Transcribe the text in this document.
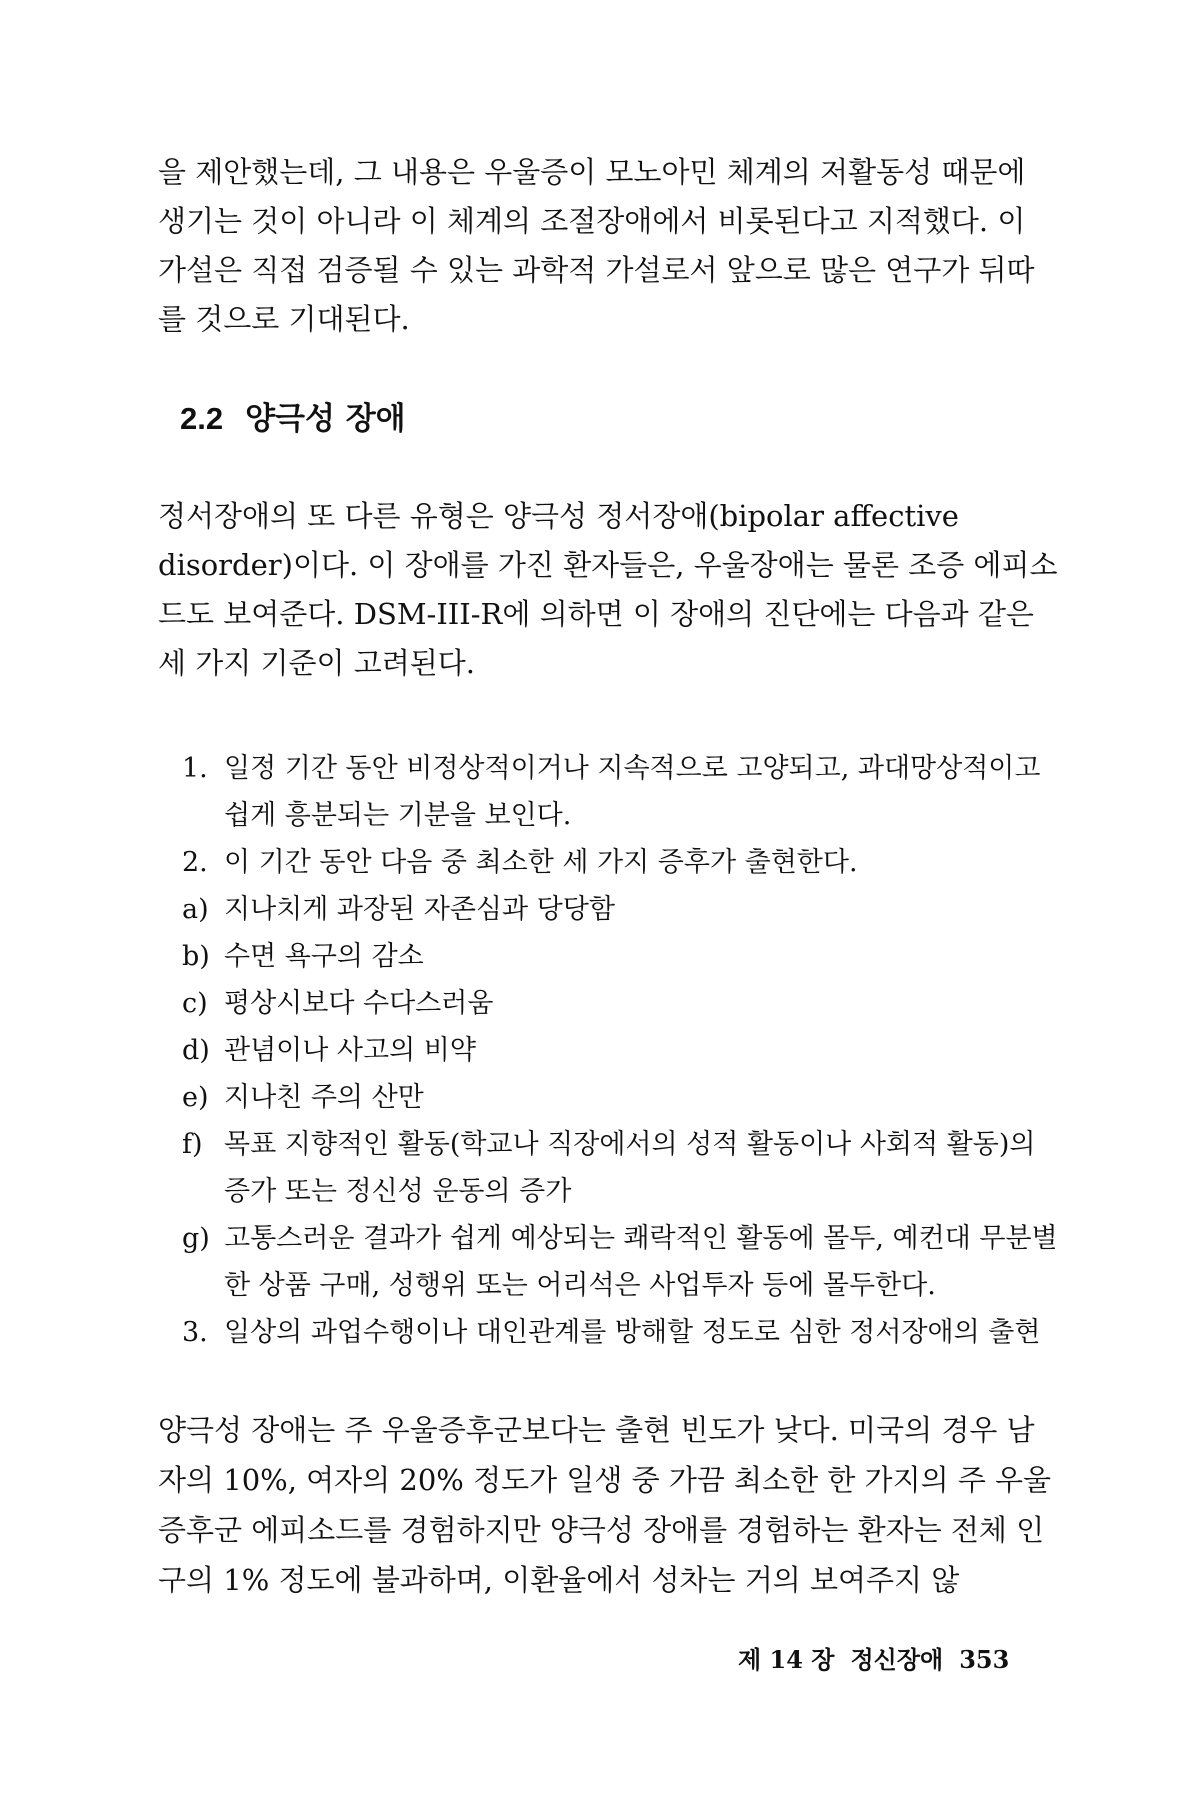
을 제안했는데, 그 내용은 우울증이 모노아민 체계의 저활동성 때문에 생기는 것이 아니라 이 체계의 조절장애에서 비롯된다고 지적했다. 이 가설은 직접 검증될 수 있는 과학적 가설로서 앞으로 많은 연구가 뒤따를 것으로 기대된다.

2.2 양극성 장애

정서장애의 또 다른 유형은 양극성 정서장애(bipolar affective disorder)이다. 이 장애를 가진 환자들은, 우울장애는 물론 조증 에피소드도 보여준다. DSM-III-R에 의하면 이 장애의 진단에는 다음과 같은 세 가지 기준이 고려된다.

1. 일정 기간 동안 비정상적이거나 지속적으로 고양되고, 과대망상적이고 쉽게 흥분되는 기분을 보인다.
2. 이 기간 동안 다음 중 최소한 세 가지 증후가 출현한다.
a) 지나치게 과장된 자존심과 당당함
b) 수면 욕구의 감소
c) 평상시보다 수다스러움
d) 관념이나 사고의 비약
e) 지나친 주의 산만
f) 목표 지향적인 활동(학교나 직장에서의 성적 활동이나 사회적 활동)의 증가 또는 정신성 운동의 증가
g) 고통스러운 결과가 쉽게 예상되는 쾌락적인 활동에 몰두, 예컨대 무분별한 상품 구매, 성행위 또는 어리석은 사업투자 등에 몰두한다.
3. 일상의 과업수행이나 대인관계를 방해할 정도로 심한 정서장애의 출현

양극성 장애는 주 우울증후군보다는 출현 빈도가 낮다. 미국의 경우 남자의 10%, 여자의 20% 정도가 일생 중 가끔 최소한 한 가지의 주 우울증후군 에피소드를 경험하지만 양극성 장애를 경험하는 환자는 전체 인구의 1% 정도에 불과하며, 이환율에서 성차는 거의 보여주지 않

제 14 장 정신장애 353
